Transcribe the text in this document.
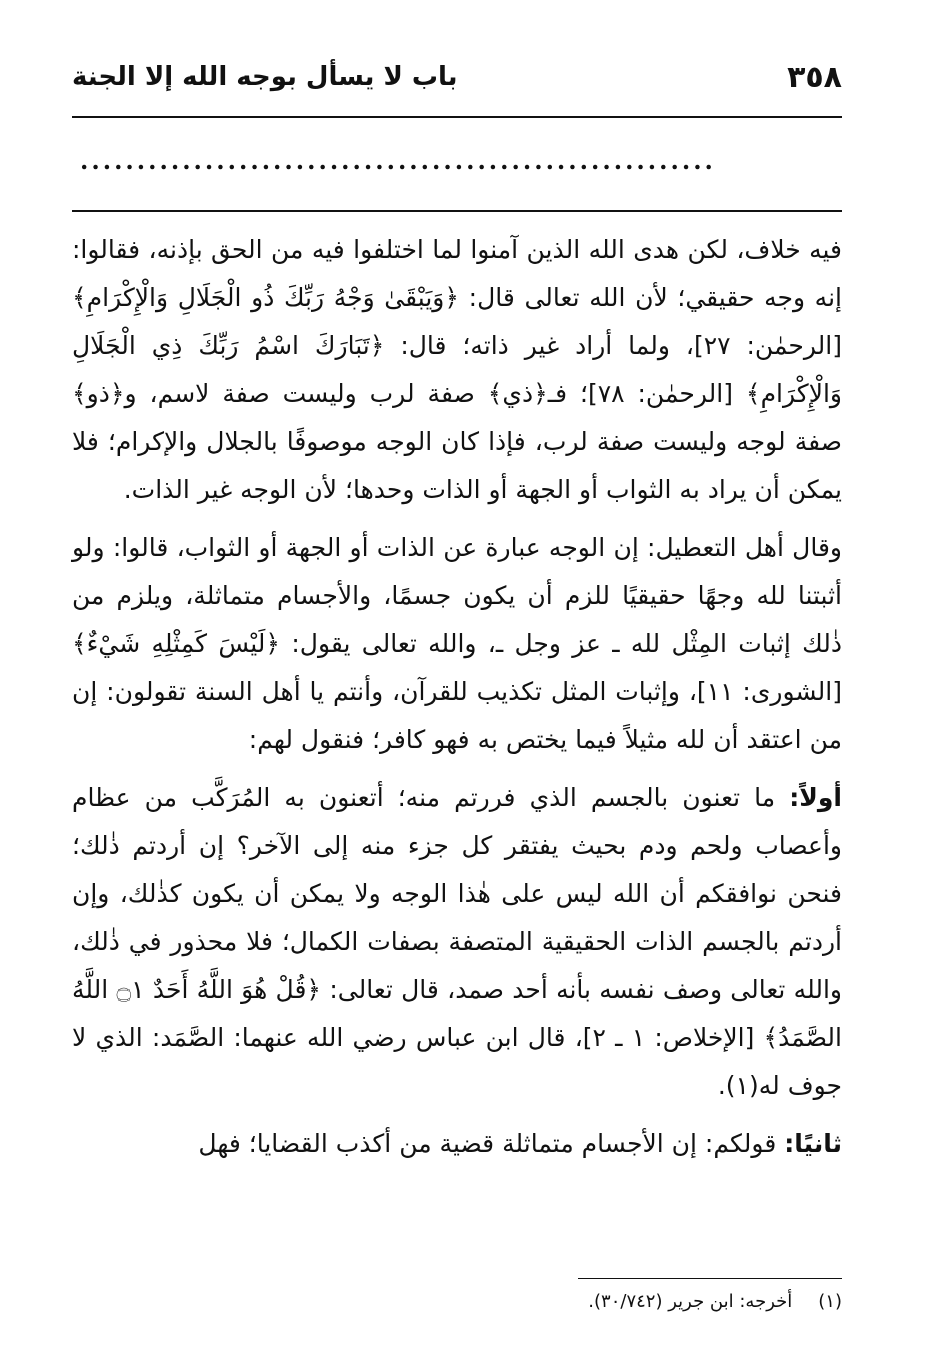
٣٥٨
باب لا يسأل بوجه الله إلا الجنة
........................................................

فيه خلاف، لكن هدى الله الذين آمنوا لما اختلفوا فيه من الحق بإذنه، فقالوا: إنه وجه حقيقي؛ لأن الله تعالى قال: ﴿وَيَبْقَىٰ وَجْهُ رَبِّكَ ذُو الْجَلَالِ وَالْإِكْرَامِ﴾ [الرحمٰن: ٢٧]، ولما أراد غير ذاته؛ قال: ﴿تَبَارَكَ اسْمُ رَبِّكَ ذِي الْجَلَالِ وَالْإِكْرَامِ﴾ [الرحمٰن: ٧٨]؛ فـ﴿ذي﴾ صفة لرب وليست صفة لاسم، و﴿ذو﴾ صفة لوجه وليست صفة لرب، فإذا كان الوجه موصوفًا بالجلال والإكرام؛ فلا يمكن أن يراد به الثواب أو الجهة أو الذات وحدها؛ لأن الوجه غير الذات.

وقال أهل التعطيل: إن الوجه عبارة عن الذات أو الجهة أو الثواب، قالوا: ولو أثبتنا لله وجهًا حقيقيًا للزم أن يكون جسمًا، والأجسام متماثلة، ويلزم من ذٰلك إثبات المِثْل لله ـ عز وجل ـ، والله تعالى يقول: ﴿لَيْسَ كَمِثْلِهِ شَيْءٌ﴾ [الشورى: ١١]، وإثبات المثل تكذيب للقرآن، وأنتم يا أهل السنة تقولون: إن من اعتقد أن لله مثيلاً فيما يختص به فهو كافر؛ فنقول لهم:

أولاً: ما تعنون بالجسم الذي فررتم منه؛ أتعنون به المُرَكَّب من عظام وأعصاب ولحم ودم بحيث يفتقر كل جزء منه إلى الآخر؟ إن أردتم ذٰلك؛ فنحن نوافقكم أن الله ليس على هٰذا الوجه ولا يمكن أن يكون كذٰلك، وإن أردتم بالجسم الذات الحقيقية المتصفة بصفات الكمال؛ فلا محذور في ذٰلك، والله تعالى وصف نفسه بأنه أحد صمد، قال تعالى: ﴿قُلْ هُوَ اللَّهُ أَحَدٌ ۝١ اللَّهُ الصَّمَدُ﴾ [الإخلاص: ١ ـ ٢]، قال ابن عباس رضي الله عنهما: الصَّمَد: الذي لا جوف له(١).

ثانيًا: قولكم: إن الأجسام متماثلة قضية من أكذب القضايا؛ فهل

(١)أخرجه: ابن جرير (٣٠/٧٤٢).
